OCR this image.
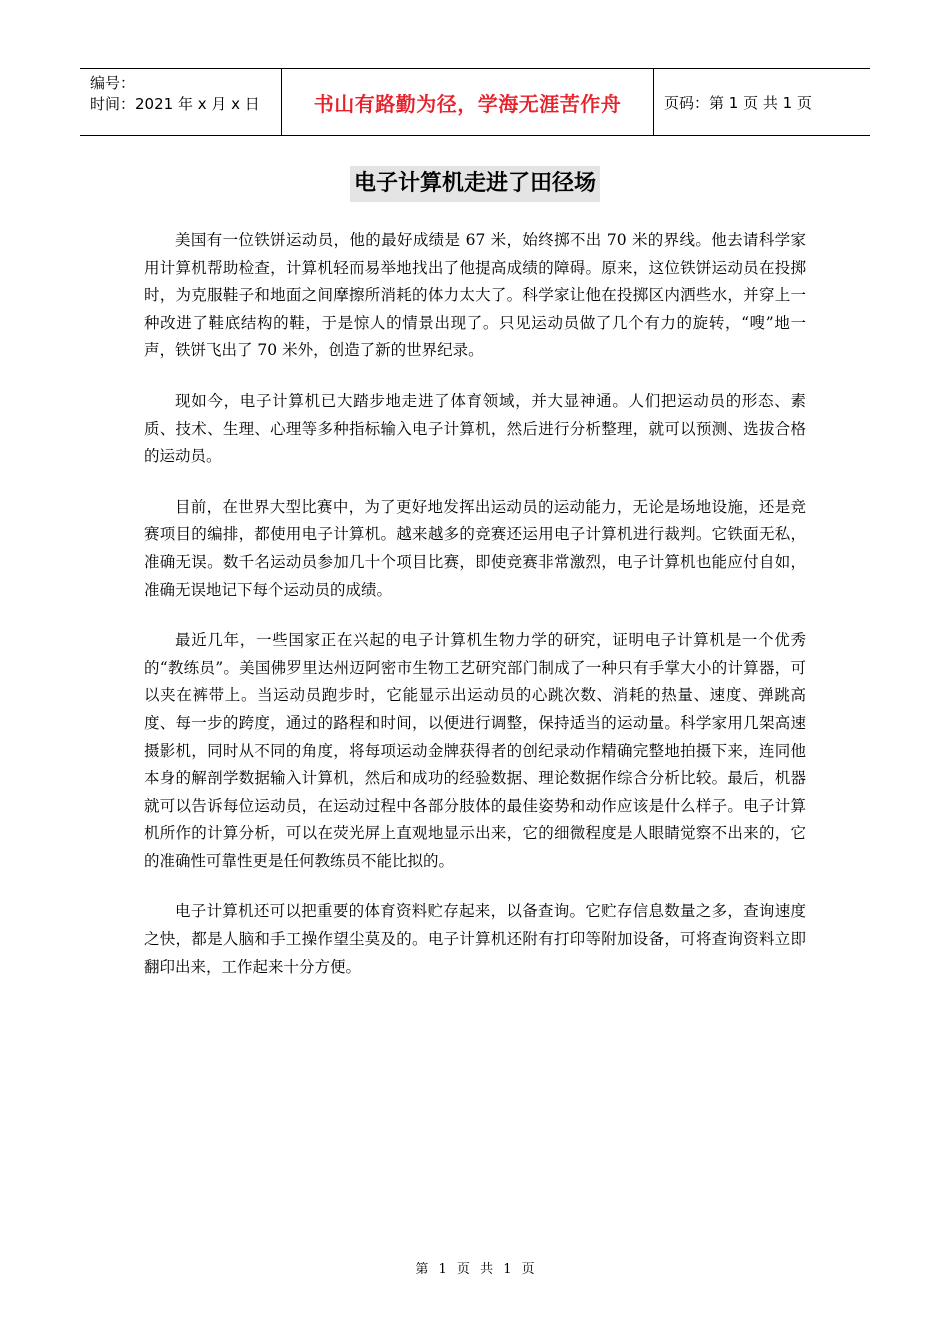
编号：
时间：2021 年 x 月 x 日	书山有路勤为径，学海无涯苦作舟	页码：第 1 页 共 1 页
电子计算机走进了田径场

美国有一位铁饼运动员，他的最好成绩是 67 米，始终掷不出 70 米的界线。他去请科学家用计算机帮助检查，计算机轻而易举地找出了他提高成绩的障碍。原来，这位铁饼运动员在投掷时，为克服鞋子和地面之间摩擦所消耗的体力太大了。科学家让他在投掷区内洒些水，并穿上一种改进了鞋底结构的鞋，于是惊人的情景出现了。只见运动员做了几个有力的旋转，“嗖”地一声，铁饼飞出了 70 米外，创造了新的世界纪录。

现如今，电子计算机已大踏步地走进了体育领域，并大显神通。人们把运动员的形态、素质、技术、生理、心理等多种指标输入电子计算机，然后进行分析整理，就可以预测、选拔合格的运动员。

目前，在世界大型比赛中，为了更好地发挥出运动员的运动能力，无论是场地设施，还是竞赛项目的编排，都使用电子计算机。越来越多的竞赛还运用电子计算机进行裁判。它铁面无私，准确无误。数千名运动员参加几十个项目比赛，即使竞赛非常激烈，电子计算机也能应付自如，准确无误地记下每个运动员的成绩。

最近几年，一些国家正在兴起的电子计算机生物力学的研究，证明电子计算机是一个优秀的“教练员”。美国佛罗里达州迈阿密市生物工艺研究部门制成了一种只有手掌大小的计算器，可以夹在裤带上。当运动员跑步时，它能显示出运动员的心跳次数、消耗的热量、速度、弹跳高度、每一步的跨度，通过的路程和时间，以便进行调整，保持适当的运动量。科学家用几架高速摄影机，同时从不同的角度，将每项运动金牌获得者的创纪录动作精确完整地拍摄下来，连同他本身的解剖学数据输入计算机，然后和成功的经验数据、理论数据作综合分析比较。最后，机器就可以告诉每位运动员，在运动过程中各部分肢体的最佳姿势和动作应该是什么样子。电子计算机所作的计算分析，可以在荧光屏上直观地显示出来，它的细微程度是人眼睛觉察不出来的，它的准确性可靠性更是任何教练员不能比拟的。

电子计算机还可以把重要的体育资料贮存起来，以备查询。它贮存信息数量之多，查询速度之快，都是人脑和手工操作望尘莫及的。电子计算机还附有打印等附加设备，可将查询资料立即翻印出来，工作起来十分方便。

第 1 页 共 1 页
